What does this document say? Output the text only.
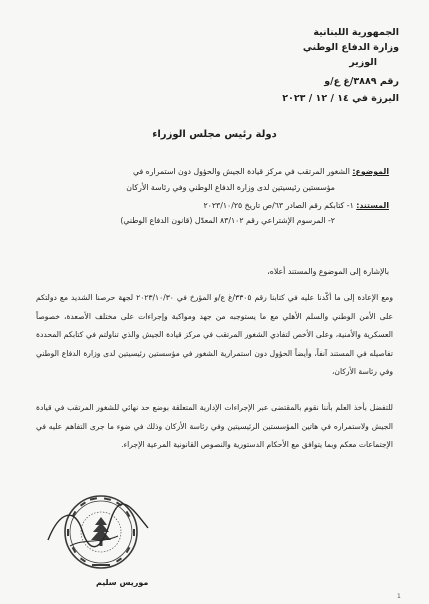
الجمهورية اللبنانية
وزارة الدفاع الوطني
الوزير
رقم ٣٨٨٩/غ ع/و
اليرزة في ١٤ / ١٢ / ٢٠٢٣
دولة رئيس مجلس الوزراء
الموضوع: الشغور المرتقب في مركز قيادة الجيش والحؤول دون استمراره في
مؤسستين رئيسيتين لدى وزارة الدفاع الوطني وفي رئاسة الأركان
المستند: ١- كتابكم رقم الصادر ٦٣/ص تاريخ ٢٠٢٣/١٠/٢٥
٢- المرسوم الإشتراعي رقم ٨٣/١٠٢ المعدّل (قانون الدفاع الوطني)
بالإشارة إلى الموضوع والمستند أعلاه،
ومع الإعادة إلى ما أكّدنا عليه في كتابنا رقم ٣٣٠٥/غ ع/و المؤرخ في ٢٠٢٣/١٠/٣٠ لجهة حرصنا الشديد مع دولتكم على الأمن الوطني والسلم الأهلي مع ما يستوجبه من جهد ومواكبة وإجراءات على مختلف الأصعدة، خصوصاً العسكرية والأمنية، وعلى الأخص لتفادي الشغور المرتقب في مركز قيادة الجيش والذي تناولتم في كتابكم المحددة تفاصيله في المستند آنفاً، وأيضاً الحؤول دون استمرارية الشغور في مؤسستين رئيسيتين لدى وزارة الدفاع الوطني وفي رئاسة الأركان،
للتفضل بأخذ العلم بأننا نقوم بالمقتضى عبر الإجراءات الإدارية المتعلقة بوضع حد نهائي للشغور المرتقب في قيادة الجيش ولاستمراره في هاتين المؤسستين الرئيسيتين وفي رئاسة الأركان وذلك في ضوء ما جرى التفاهم عليه في الإجتماعات معكم وبما يتوافق مع الأحكام الدستورية والنصوص القانونية المرعية الإجراء.
موريس سليم
1
